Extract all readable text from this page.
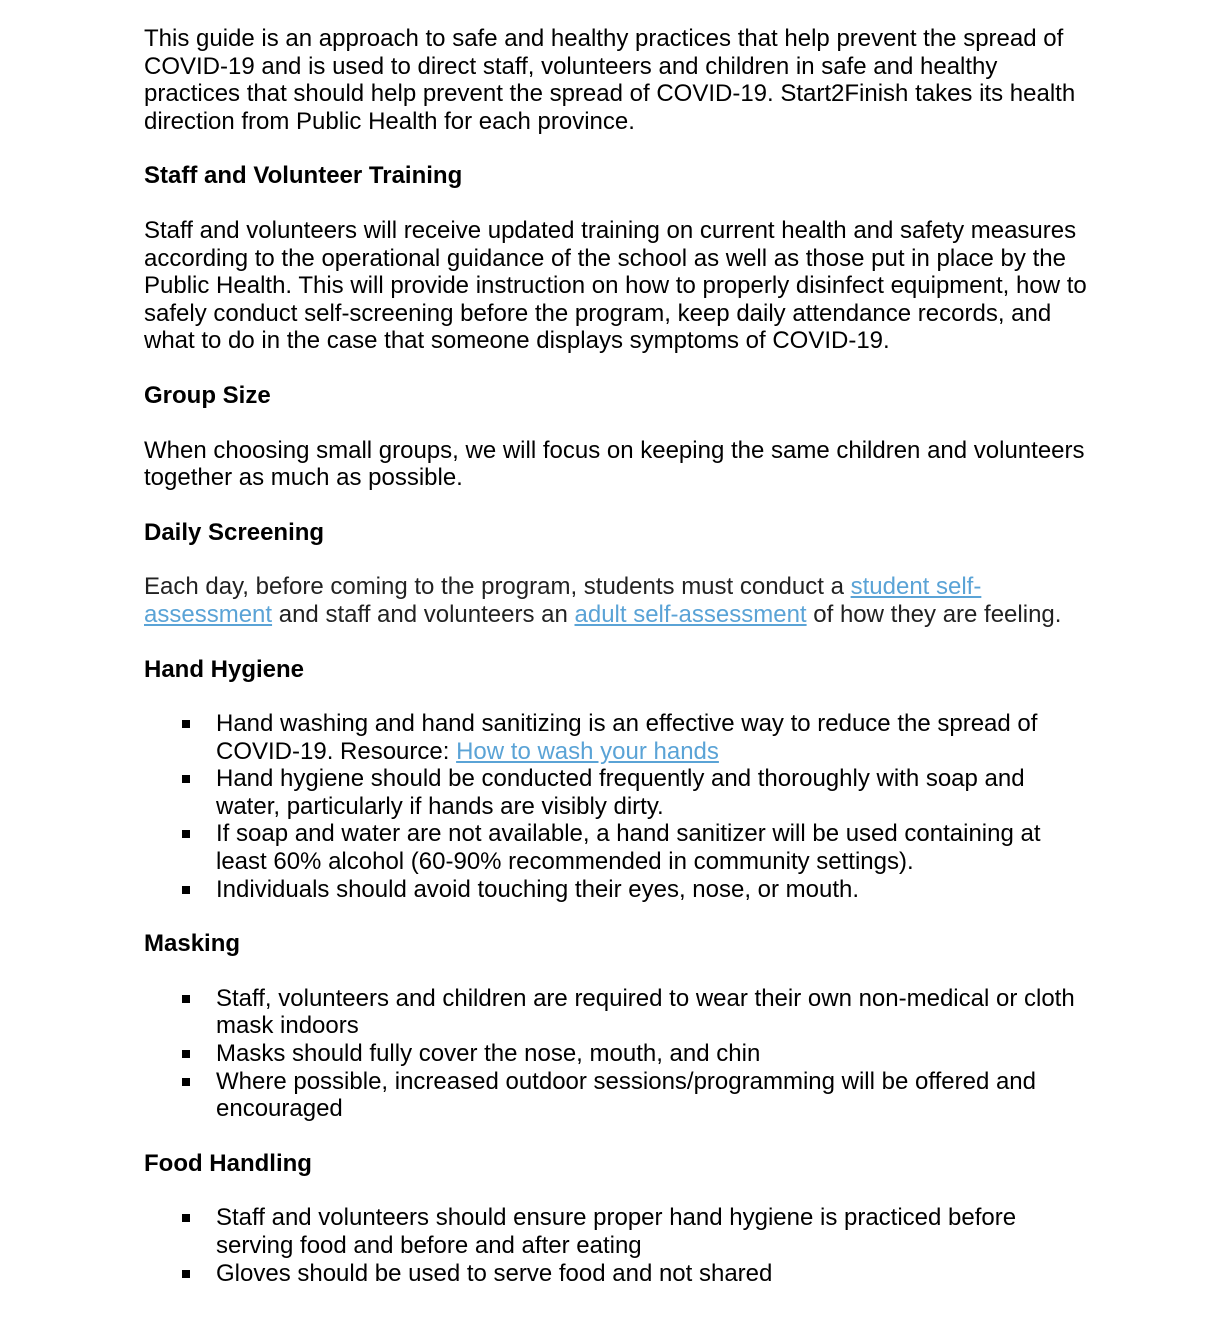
This guide is an approach to safe and healthy practices that help prevent the spread of COVID-19 and is used to direct staff, volunteers and children in safe and healthy practices that should help prevent the spread of COVID-19. Start2Finish takes its health direction from Public Health for each province.

Staff and Volunteer Training

Staff and volunteers will receive updated training on current health and safety measures according to the operational guidance of the school as well as those put in place by the Public Health. This will provide instruction on how to properly disinfect equipment, how to safely conduct self-screening before the program, keep daily attendance records, and what to do in the case that someone displays symptoms of COVID-19.

Group Size

When choosing small groups, we will focus on keeping the same children and volunteers together as much as possible.

Daily Screening

Each day, before coming to the program, students must conduct a student self-assessment and staff and volunteers an adult self-assessment of how they are feeling.

Hand Hygiene
Hand washing and hand sanitizing is an effective way to reduce the spread of COVID-19. Resource: How to wash your hands
Hand hygiene should be conducted frequently and thoroughly with soap and water, particularly if hands are visibly dirty.
If soap and water are not available, a hand sanitizer will be used containing at least 60% alcohol (60-90% recommended in community settings).
Individuals should avoid touching their eyes, nose, or mouth.
Masking
Staff, volunteers and children are required to wear their own non-medical or cloth mask indoors
Masks should fully cover the nose, mouth, and chin
Where possible, increased outdoor sessions/programming will be offered and encouraged
Food Handling
Staff and volunteers should ensure proper hand hygiene is practiced before serving food and before and after eating
Gloves should be used to serve food and not shared
